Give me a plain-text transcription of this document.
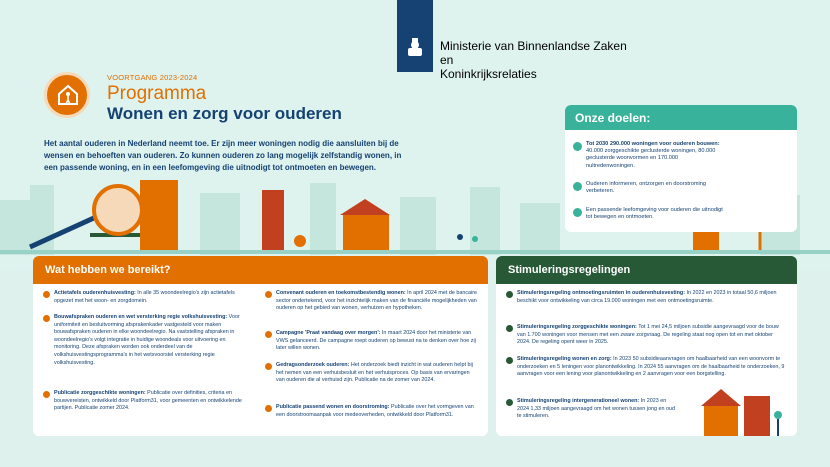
Ministerie van Binnenlandse Zaken en
Koninkrijksrelaties
VOORTGANG 2023-2024
Programma
Wonen en zorg voor ouderen
Het aantal ouderen in Nederland neemt toe. Er zijn meer woningen nodig die aansluiten bij de wensen en behoeften van ouderen. Zo kunnen ouderen zo lang mogelijk zelfstandig wonen, in een passende woning, en in een leefomgeving die uitnodigt tot ontmoeten en bewegen.
Onze doelen:
Tot 2030 290.000 woningen voor ouderen bouwen: 40.000 zorggeschikte geclusterde woningen, 80.000 geclusterde woonvormen en 170.000 nultredenwoningen.
Ouderen informeren, ontzorgen en doorstroming verbeteren.
Een passende leefomgeving voor ouderen die uitnodigt tot bewegen en ontmoeten.
Wat hebben we bereikt?
Actietafels ouderenhuisvesting: In alle 35 woondeelregio's zijn actietafels opgezet met het woon- en zorgdomein.
Bouwafspraken ouderen en wet versterking regie volkshuisvesting: Voor uniformiteit en besluitvorming afsprakenkader vastgesteld voor maken bouwafspraken ouderen in elke woondeelregio. Na vaststelling afspraken in woondeelregio's volgt integratie in huidige woondeals voor uitvoering en monitoring. Deze afspraken worden ook onderdeel van de volkshuisvestingsprogramma's in het wetsvoorstel versterking regie volkshuisvesting.
Publicatie zorggeschikte woningen: Publicatie over definities, criteria en bouwvereisten, ontwikkeld door Platform31, voor gemeenten en ontwikkelende partijen. Publicatie zomer 2024.
Convenant ouderen en toekomstbestendig wonen: In april 2024 met de bancaire sector ondertekend, voor het inzichtelijk maken van de financiële mogelijkheden van ouderen op het gebied van wonen, verhuizen en hypotheken.
Campagne 'Praat vandaag over morgen': In maart 2024 door het ministerie van VWS gelanceerd. De campagne roept ouderen op bewust na te denken over hoe zij later willen wonen.
Gedragsonderzoek ouderen: Het onderzoek biedt inzicht in wat ouderen helpt bij het nemen van een verhuisbesluit en het verhuisproces. Op basis van ervaringen van ouderen die al verhuisd zijn. Publicatie na de zomer van 2024.
Publicatie passend wonen en doorstroming: Publicatie over het vormgeven van een doorstroomaanpak voor medeoverheden, ontwikkeld door Platform31.
Stimuleringsregelingen
Stimuleringsregeling ontmoetingsruimten in ouderenhuisvesting: In 2022 en 2023 in totaal 50,6 miljoen beschikt voor ontwikkeling van circa 19.000 woningen met een ontmoetingsruimte.
Stimuleringsregeling zorggeschikte woningen: Tot 1 mei 24,5 miljoen subsidie aangevraagd voor de bouw van 1.700 woningen voor mensen met een zware zorgvraag. De regeling staat nog open tot en met oktober 2024. De regeling opent weer in 2025.
Stimuleringsregeling wonen en zorg: In 2023 50 subsidieaanvragen om haalbaarheid van een woonvorm te onderzoeken en 5 leningen voor planontwikkeling. In 2024 55 aanvragen om de haalbaarheid te onderzoeken, 9 aanvragen voor een lening voor planontwikkeling en 2 aanvragen voor een borgstelling.
Stimuleringsregeling intergenerationeel wonen: In 2023 en 2024 1,33 miljoen aangevraagd om het wonen tussen jong en oud te stimuleren.
